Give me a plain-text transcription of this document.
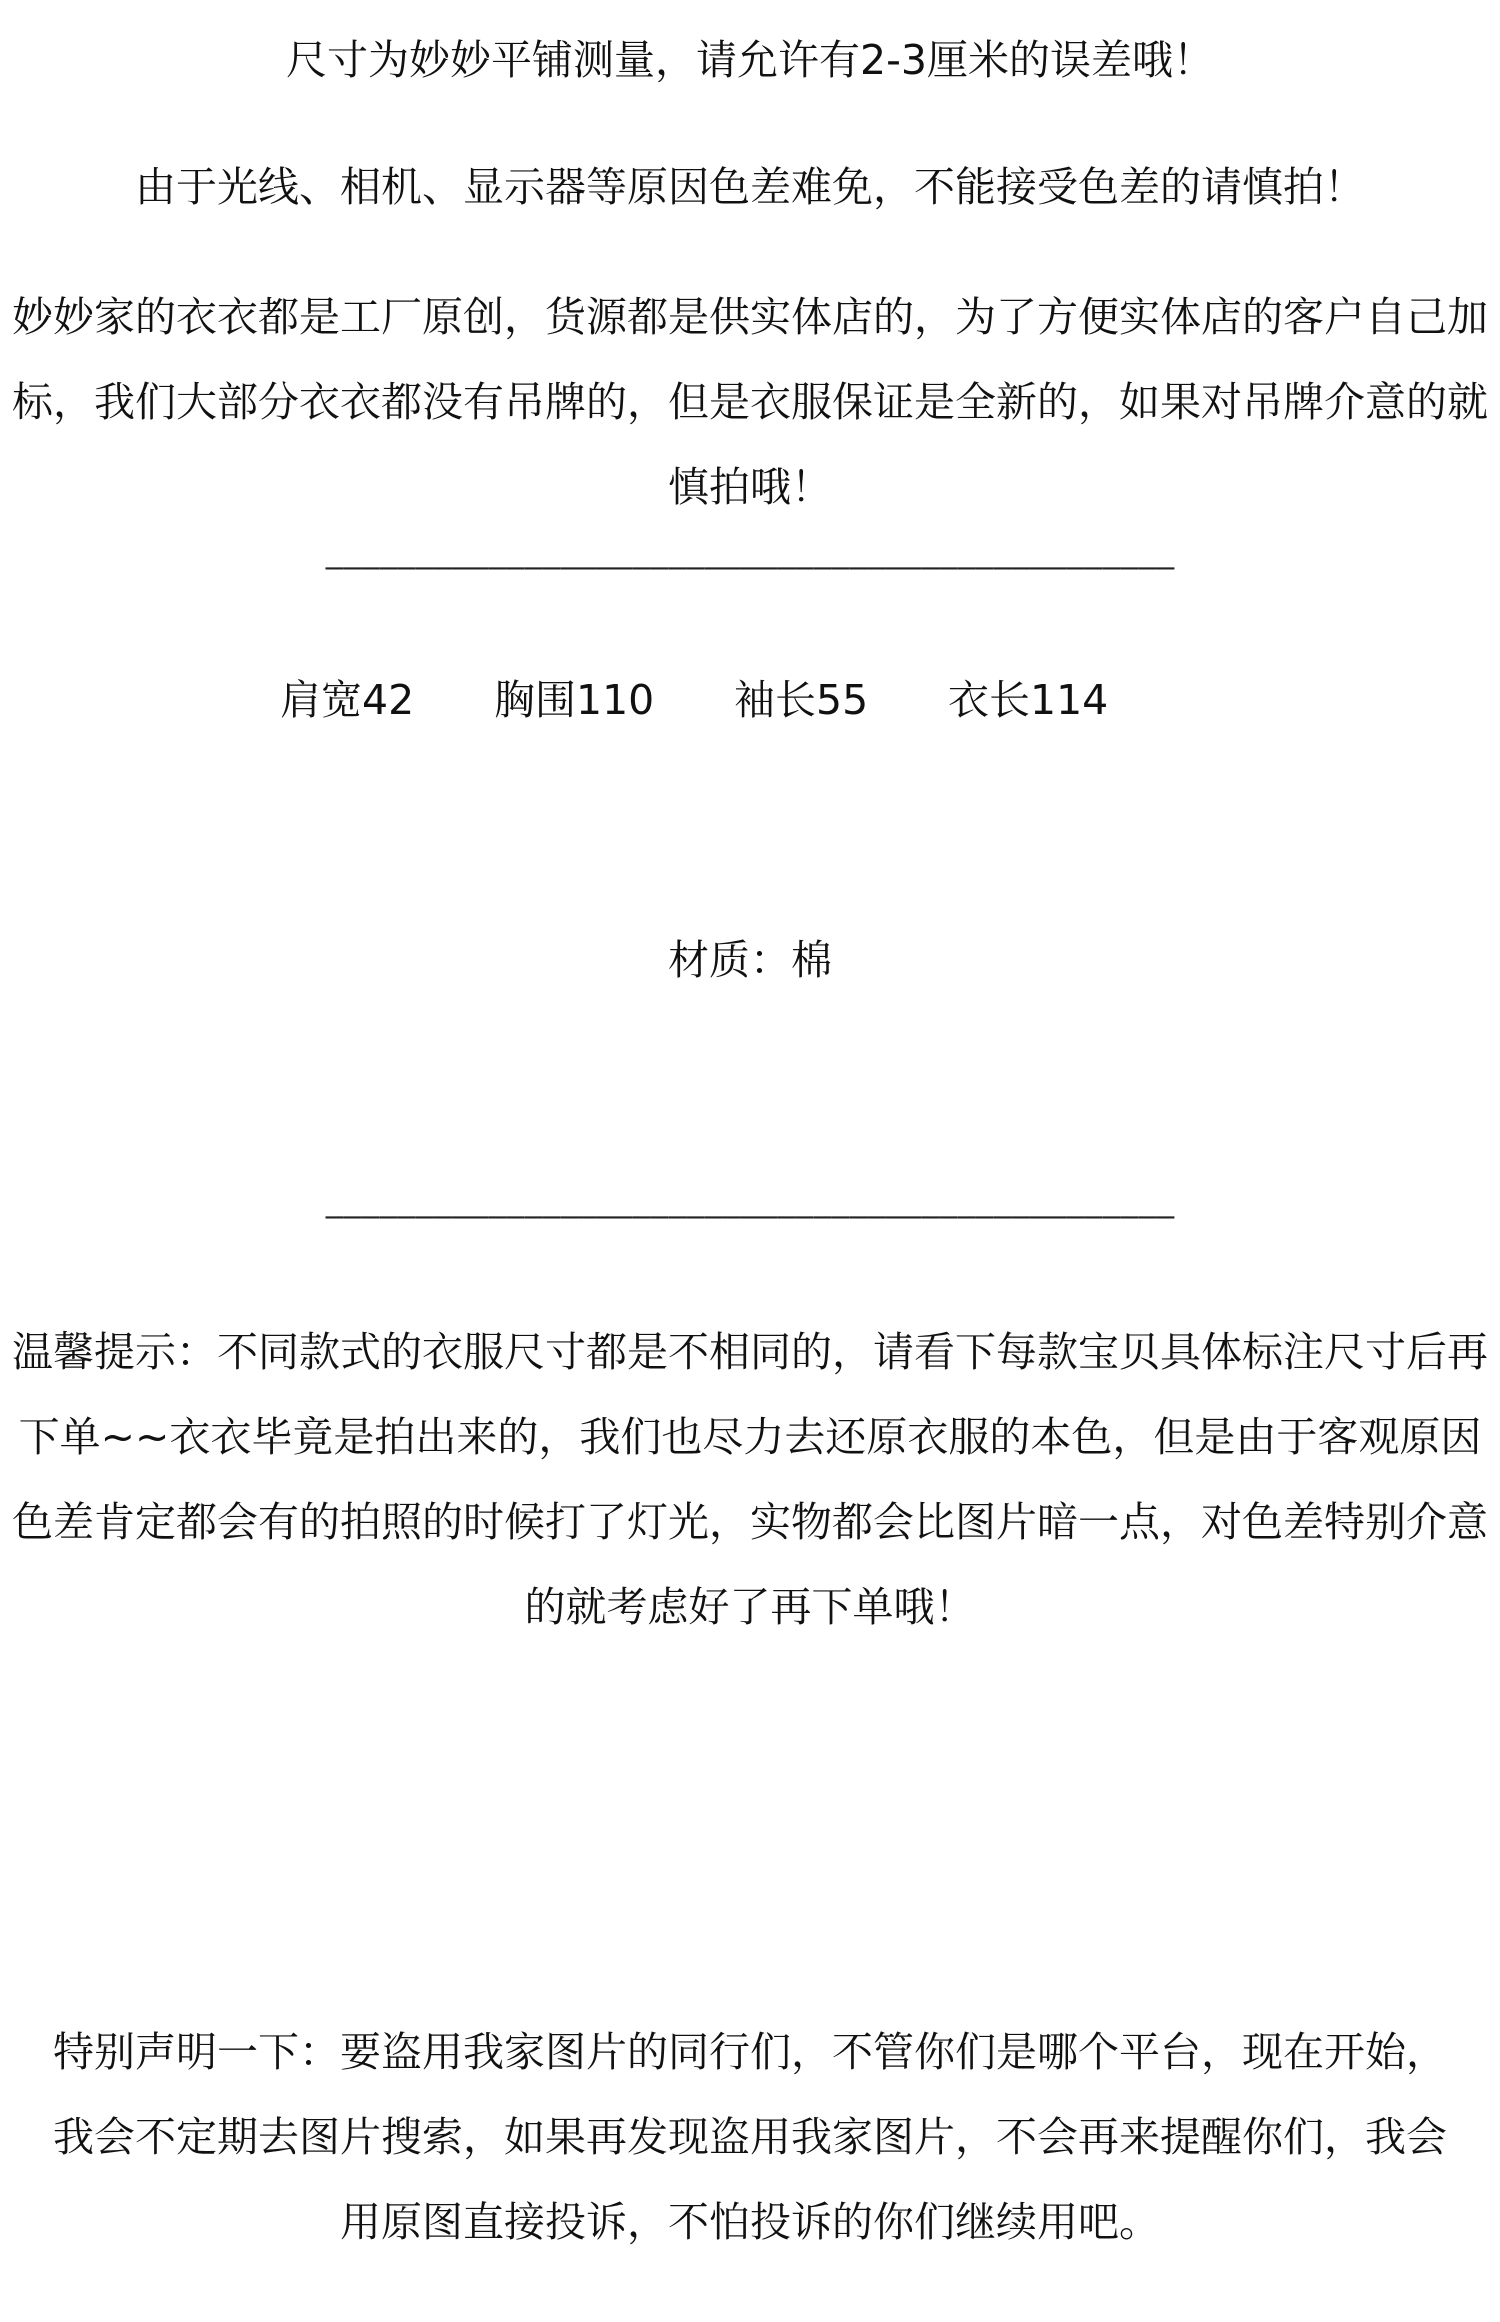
尺寸为妙妙平铺测量，请允许有2-3厘米的误差哦！
由于光线、相机、显示器等原因色差难免，不能接受色差的请慎拍！
妙妙家的衣衣都是工厂原创，货源都是供实体店的，为了方便实体店的客户自己加标，我们大部分衣衣都没有吊牌的，但是衣服保证是全新的，如果对吊牌介意的就慎拍哦！
———————————————————————————————————————————————
肩宽42 胸围110 袖长55 衣长114
材质：棉
———————————————————————————————————————————————
温馨提示：不同款式的衣服尺寸都是不相同的，请看下每款宝贝具体标注尺寸后再下单~~衣衣毕竟是拍出来的，我们也尽力去还原衣服的本色，但是由于客观原因色差肯定都会有的拍照的时候打了灯光，实物都会比图片暗一点，对色差特别介意的就考虑好了再下单哦！
特别声明一下：要盗用我家图片的同行们，不管你们是哪个平台，现在开始，我会不定期去图片搜索，如果再发现盗用我家图片，不会再来提醒你们，我会用原图直接投诉，不怕投诉的你们继续用吧。
